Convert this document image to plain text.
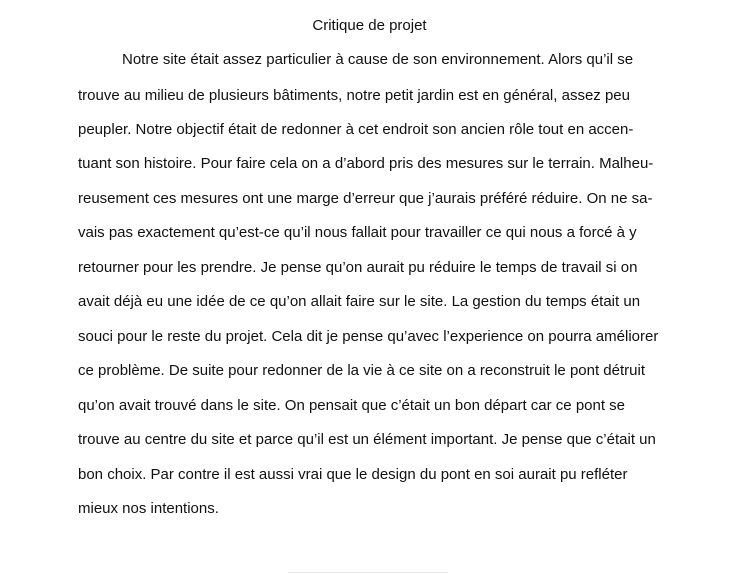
Critique de projet

Notre site était assez particulier à cause de son environnement. Alors qu’il se

trouve au milieu de plusieurs bâtiments, notre petit jardin est en général, assez peu

peupler. Notre objectif était de redonner à cet endroit son ancien rôle tout en accen-

tuant son histoire. Pour faire cela on a d’abord pris des mesures sur le terrain. Malheu-

reusement ces mesures ont une marge d’erreur que j’aurais préféré réduire. On ne sa-

vais pas exactement qu’est-ce qu’il nous fallait pour travailler ce qui nous a forcé à y

retourner pour les prendre. Je pense qu’on aurait pu réduire le temps de travail si on

avait déjà eu une idée de ce qu’on allait faire sur le site. La gestion du temps était un

souci pour le reste du projet. Cela dit je pense qu’avec l’experience on pourra améliorer

ce problème. De suite pour redonner de la vie à ce site on a reconstruit le pont détruit

qu’on avait trouvé dans le site. On pensait que c’était un bon départ car ce pont se

trouve au centre du site et parce qu’il est un élément important. Je pense que c’était un

bon choix. Par contre il est aussi vrai que le design du pont en soi aurait pu refléter

mieux nos intentions.
